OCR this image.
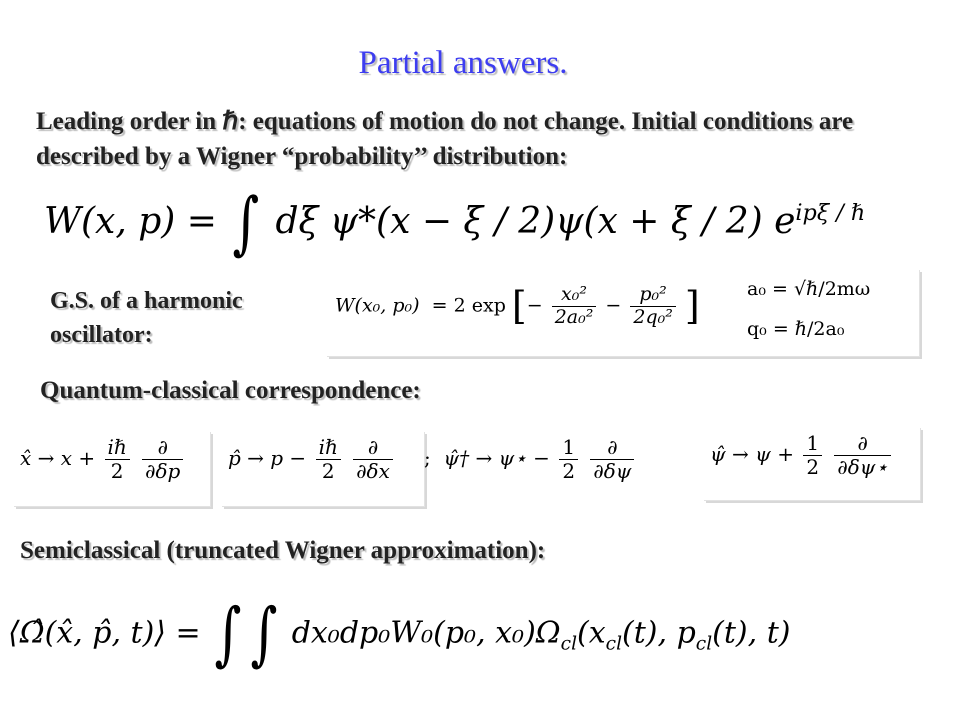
Partial answers.

Leading order in ℏ: equations of motion do not change. Initial conditions are described by a Wigner “probability’’ distribution:

W(x, p) = ∫ dξ ψ*(x − ξ / 2)ψ(x + ξ / 2) $e^{ip\xi / \hbar}$
G.S. of a harmonic
oscillator:
W(x₀, p₀) = 2 exp [− $\frac{\text{x₀²}}{\text{2a₀²}} - \frac{\text{p₀²}}{\text{2q₀²}}$ ] a₀ = √ℏ/2mω
q₀ = ℏ/2a₀
Quantum-classical correspondence:
x̂ → $x + \frac{\text{iℏ}}{2}$
$\frac{\partial}{\partial\delta p}$ p̂ → $p - \frac{\text{iℏ}}{2}$
$\frac{\partial}{\partial\delta x}$ ; ψ̂† → ψ⋆ − $\frac{1}{2}$
$\frac{\partial}{\partial\delta\psi}$	ψ̂ → $\psi + \frac{1}{2}$
$\frac{\partial}{\partial\delta\psi⋆}$
Semiclassical (truncated Wigner approximation):
⟨Ω̂(x̂, p̂, t)⟩ = ∫ ∫ dx₀dp₀W₀(p₀, $x_0)\Omega_{cl}(x_{cl}(t)$, $p_{cl}(t)$, t)
